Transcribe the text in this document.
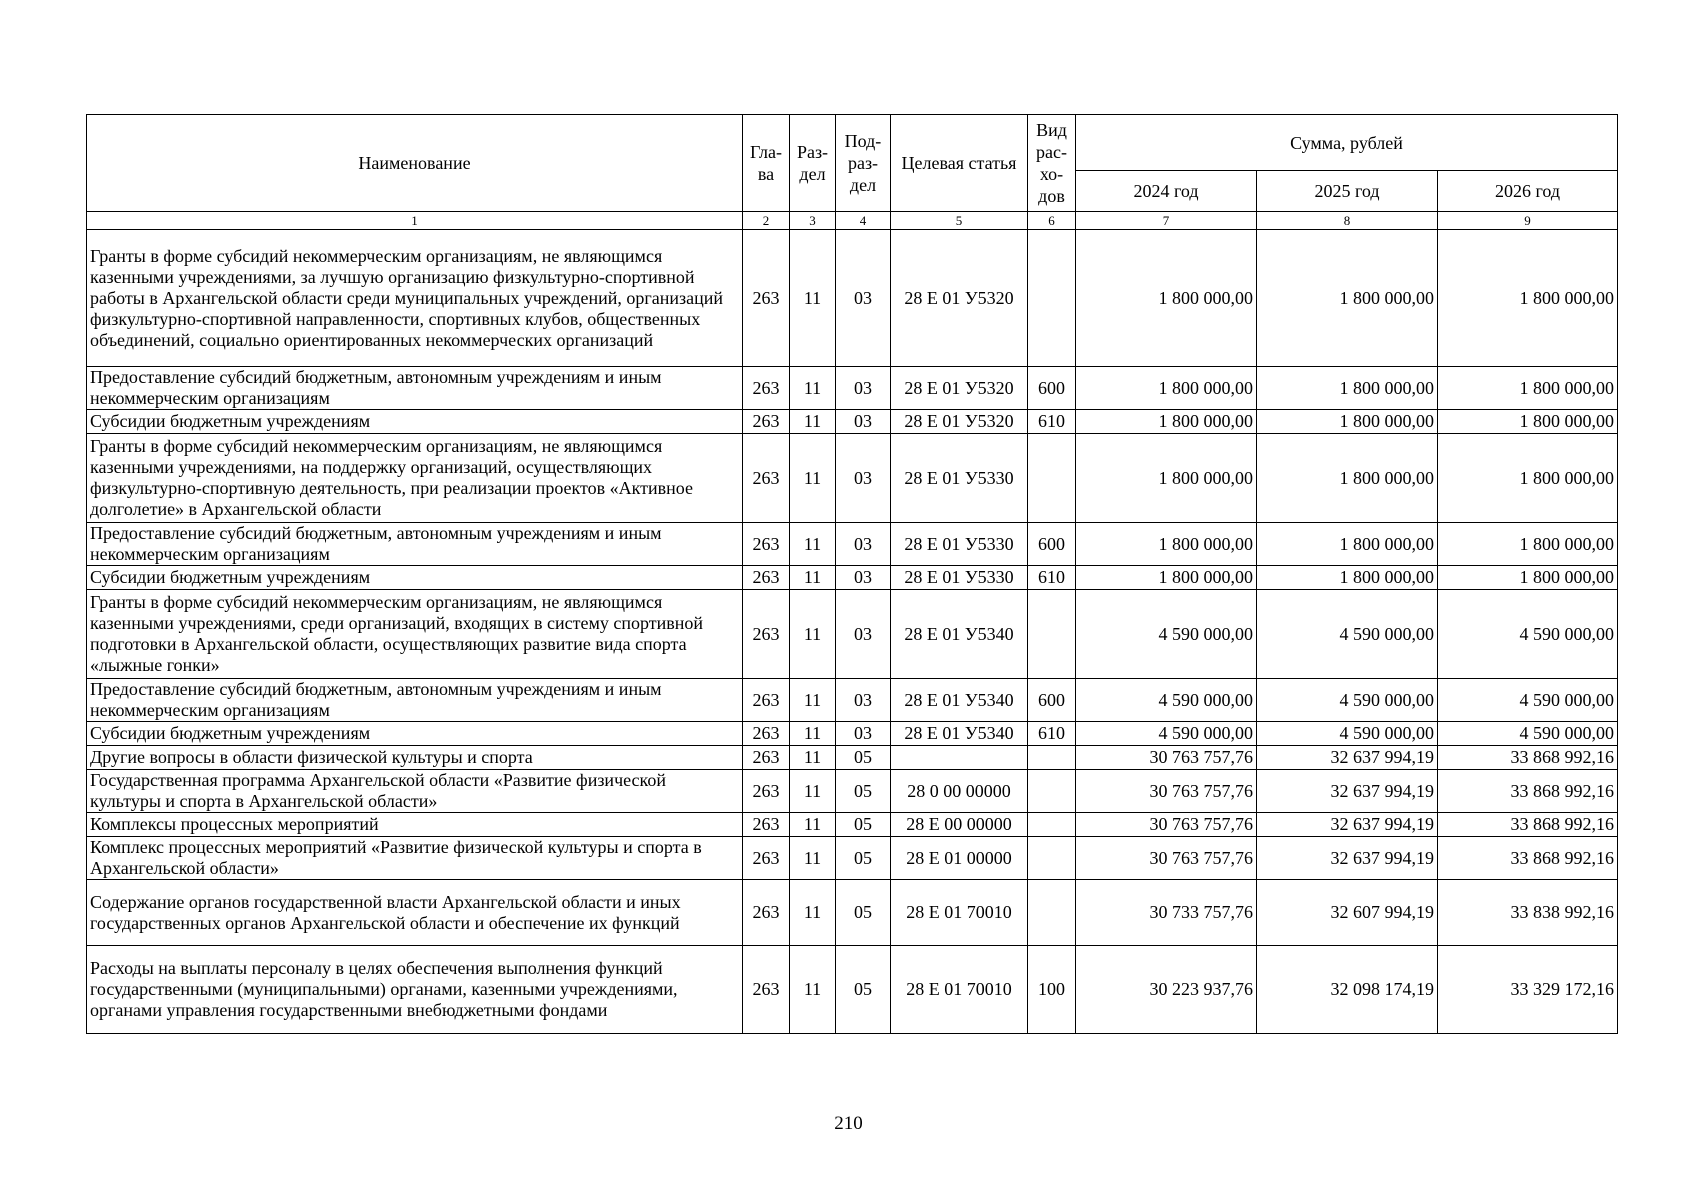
Наименование	Гла- ва	Раз- дел	Под- раз- дел	Целевая статья	Вид рас- хо- дов	Сумма, рублей		
						2024 год	2025 год	2026 год
1	2	3	4	5	6	7	8	9
Гранты в форме субсидий некоммерческим организациям, не являющимся казенными учреждениями, за лучшую организацию физкультурно-спортивной работы в Архангельской области среди муниципальных учреждений, организаций физкультурно-спортивной направленности, спортивных клубов, общественных объединений, социально ориентированных некоммерческих организаций	263	11	03	28 Е 01 У5320		1 800 000,00	1 800 000,00	1 800 000,00
Предоставление субсидий бюджетным, автономным учреждениям и иным некоммерческим организациям	263	11	03	28 Е 01 У5320	600	1 800 000,00	1 800 000,00	1 800 000,00
Субсидии бюджетным учреждениям	263	11	03	28 Е 01 У5320	610	1 800 000,00	1 800 000,00	1 800 000,00
Гранты в форме субсидий некоммерческим организациям, не являющимся казенными учреждениями, на поддержку организаций, осуществляющих физкультурно-спортивную деятельность, при реализации проектов «Активное долголетие» в Архангельской области	263	11	03	28 Е 01 У5330		1 800 000,00	1 800 000,00	1 800 000,00
Предоставление субсидий бюджетным, автономным учреждениям и иным некоммерческим организациям	263	11	03	28 Е 01 У5330	600	1 800 000,00	1 800 000,00	1 800 000,00
Субсидии бюджетным учреждениям	263	11	03	28 Е 01 У5330	610	1 800 000,00	1 800 000,00	1 800 000,00
Гранты в форме субсидий некоммерческим организациям, не являющимся казенными учреждениями, среди организаций, входящих в систему спортивной подготовки в Архангельской области, осуществляющих развитие вида спорта «лыжные гонки»	263	11	03	28 Е 01 У5340		4 590 000,00	4 590 000,00	4 590 000,00
Предоставление субсидий бюджетным, автономным учреждениям и иным некоммерческим организациям	263	11	03	28 Е 01 У5340	600	4 590 000,00	4 590 000,00	4 590 000,00
Субсидии бюджетным учреждениям	263	11	03	28 Е 01 У5340	610	4 590 000,00	4 590 000,00	4 590 000,00
Другие вопросы в области физической культуры и спорта	263	11	05			30 763 757,76	32 637 994,19	33 868 992,16
Государственная программа Архангельской области «Развитие физической культуры и спорта в Архангельской области»	263	11	05	28 0 00 00000		30 763 757,76	32 637 994,19	33 868 992,16
Комплексы процессных мероприятий	263	11	05	28 Е 00 00000		30 763 757,76	32 637 994,19	33 868 992,16
Комплекс процессных мероприятий «Развитие физической культуры и спорта в Архангельской области»	263	11	05	28 Е 01 00000		30 763 757,76	32 637 994,19	33 868 992,16
Содержание органов государственной власти Архангельской области и иных государственных органов Архангельской области и обеспечение их функций	263	11	05	28 Е 01 70010		30 733 757,76	32 607 994,19	33 838 992,16
Расходы на выплаты персоналу в целях обеспечения выполнения функций государственными (муниципальными) органами, казенными учреждениями, органами управления государственными внебюджетными фондами	263	11	05	28 Е 01 70010	100	30 223 937,76	32 098 174,19	33 329 172,16
210
